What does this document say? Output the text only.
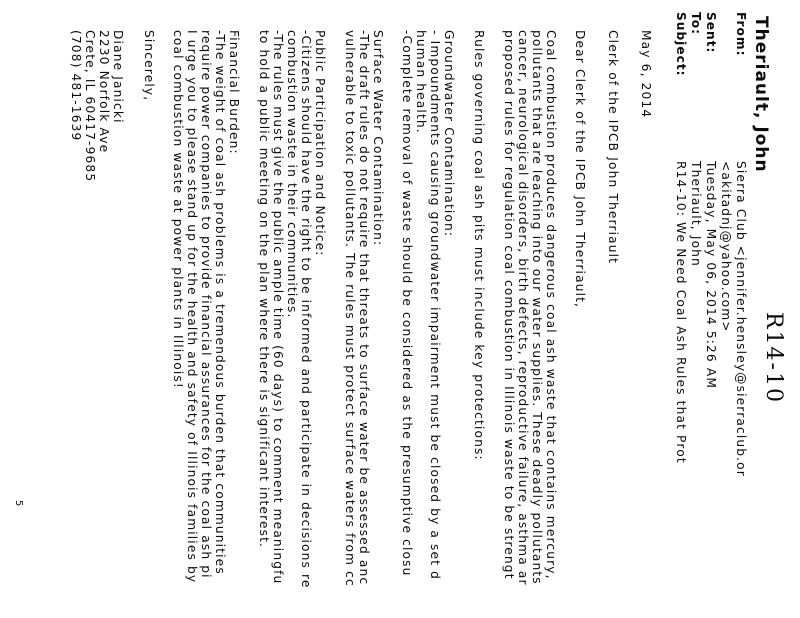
R14-10
Theriault, John
From:
Sierra Club <jennifer.hensley@sierraclub.or
<akitadnj@yahoo.com>
Sent:
Tuesday, May 06, 2014 5:26 AM
To:
Theriault, John
Subject:
R14-10: We Need Coal Ash Rules that Prot
May 6, 2014
Clerk of the IPCB John Therriault
Dear Clerk of the IPCB John Therriault,
Coal combustion produces dangerous coal ash waste that contains mercury,
pollutants that are leaching into our water supplies. These deadly pollutants
cancer, neurological disorders, birth defects, reproductive failure, asthma ar
proposed rules for regulation coal combustion in Illinois waste to be strengt
Rules governing coal ash pits must include key protections:
Groundwater Contamination:
- Impoundments causing groundwater impairment must be closed by a set d
human health.
-Complete removal of waste should be considered as the presumptive closu
Surface Water Contamination:
-The draft rules do not require that threats to surface water be assessed anc
vulnerable to toxic pollutants. The rules must protect surface waters from cc
Public Participation and Notice:
-Citizens should have the right to be informed and participate in decisions re
combustion waste in their communities.
-The rules must give the public ample time (60 days) to comment meaningfu
to hold a public meeting on the plan where there is significant interest.
Financial Burden:
-The weight of coal ash problems is a tremendous burden that communities
require power companies to provide financial assurances for the coal ash pi
I urge you to please stand up for the health and safety of Illinois families by
coal combustion waste at power plants in Illinois!
Sincerely,
Diane Janicki
2230 Norfolk Ave
Crete, IL 60417-9685
(708) 481-1639
5
